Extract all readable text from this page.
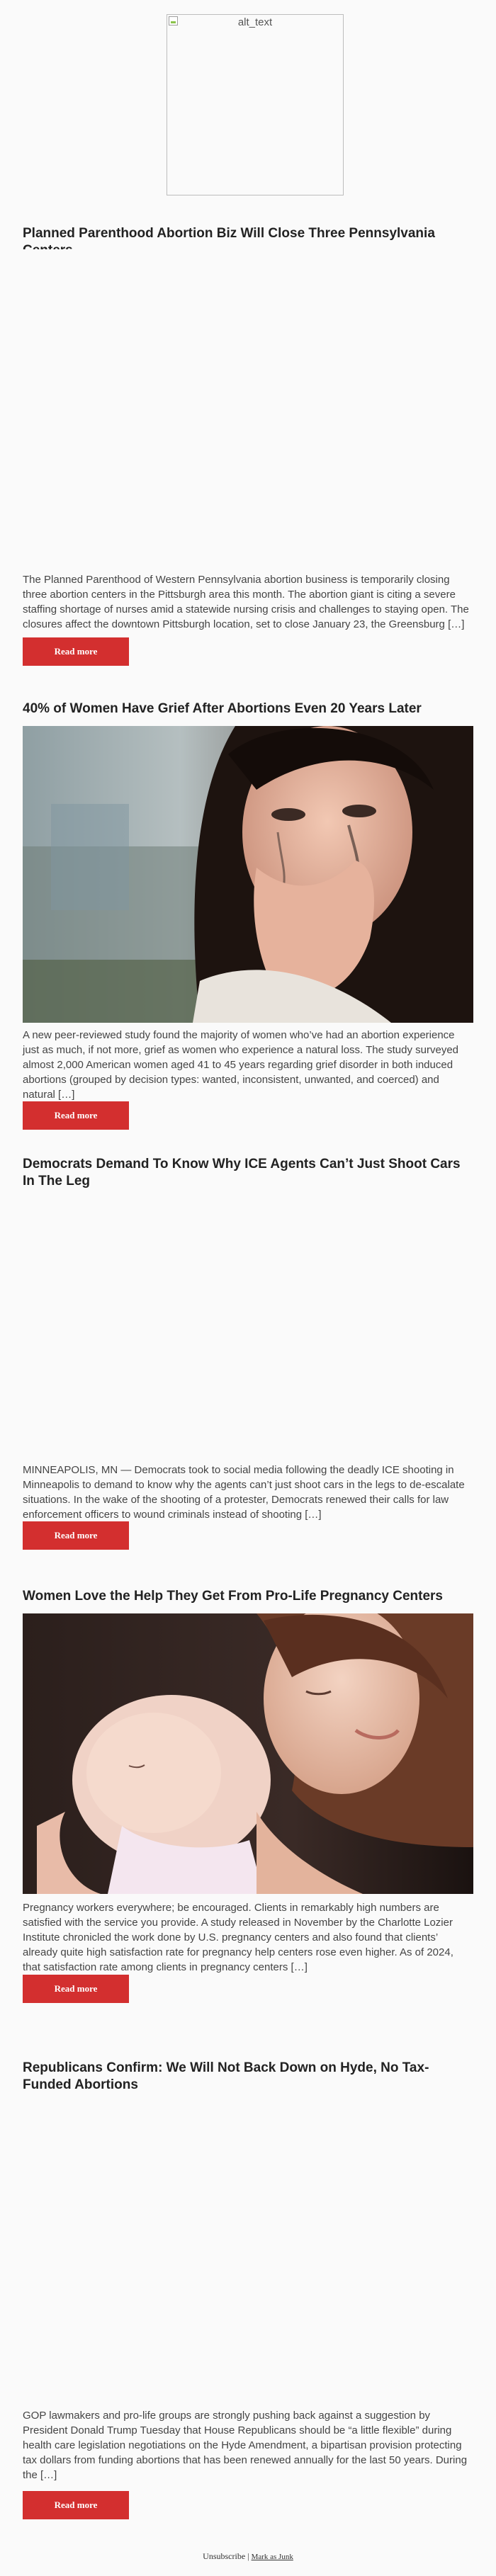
alt_text
Planned Parenthood Abortion Biz Will Close Three Pennsylvania

The Planned Parenthood of Western Pennsylvania abortion business is temporarily closing three abortion centers in the Pittsburgh area this month. The abortion giant is citing a severe staffing shortage of nurses amid a statewide nursing crisis and challenges to staying open. The closures affect the downtown Pittsburgh location, set to close January 23, the Greensburg […]

Read more
40% of Women Have Grief After Abortions Even 20 Years Later

A new peer-reviewed study found the majority of women who’ve had an abortion experience just as much, if not more, grief as women who experience a natural loss. The study surveyed almost 2,000 American women aged 41 to 45 years regarding grief disorder in both induced abortions (grouped by decision types: wanted, inconsistent, unwanted, and coerced) and natural […]

Read more
Democrats Demand To Know Why ICE Agents Can’t Just Shoot Cars In The Leg

MINNEAPOLIS, MN — Democrats took to social media following the deadly ICE shooting in Minneapolis to demand to know why the agents can’t just shoot cars in the legs to de-escalate situations. In the wake of the shooting of a protester, Democrats renewed their calls for law enforcement officers to wound criminals instead of shooting […]

Read more
Women Love the Help They Get From Pro-Life Pregnancy Centers

Pregnancy workers everywhere; be encouraged. Clients in remarkably high numbers are satisfied with the service you provide. A study released in November by the Charlotte Lozier Institute chronicled the work done by U.S. pregnancy centers and also found that clients’ already quite high satisfaction rate for pregnancy help centers rose even higher. As of 2024, that satisfaction rate among clients in pregnancy centers […]

Read more
Republicans Confirm: We Will Not Back Down on Hyde, No Tax-Funded Abortions

GOP lawmakers and pro-life groups are strongly pushing back against a suggestion by President Donald Trump Tuesday that House Republicans should be “a little flexible” during health care legislation negotiations on the Hyde Amendment, a bipartisan provision protecting tax dollars from funding abortions that has been renewed annually for the last 50 years. During the […]

Read more
Unsubscribe | Mark as Junk
